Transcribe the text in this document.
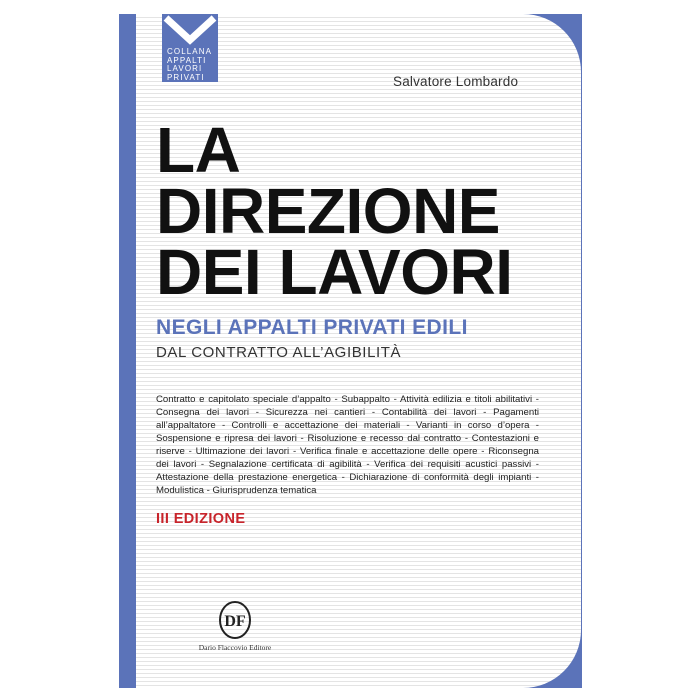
COLLANA
APPALTI
LAVORI
PRIVATI	Salvatore Lombardo
LA
DIREZIONE
DEI LAVORI
NEGLI APPALTI PRIVATI EDILI
DAL CONTRATTO ALL’AGIBILITÀ
Contratto e capitolato speciale d’appalto - Subappalto - Attività edilizia e titoli abilitativi - Consegna dei lavori - Sicurezza nei cantieri - Contabilità dei lavori - Pagamenti all’appaltatore - Controlli e accettazione dei materiali - Varianti in corso d’opera - Sospensione e ripresa dei lavori - Risoluzione e recesso dal contratto - Contestazioni e riserve - Ultimazione dei lavori - Verifica finale e accettazione delle opere - Riconsegna dei lavori - Segnalazione certificata di agibilità - Verifica dei requisiti acustici passivi - Attestazione della prestazione energetica - Dichiarazione di conformità degli impianti - Modulistica - Giurisprudenza tematica
III EDIZIONE
DF
Dario Flaccovio Editore
